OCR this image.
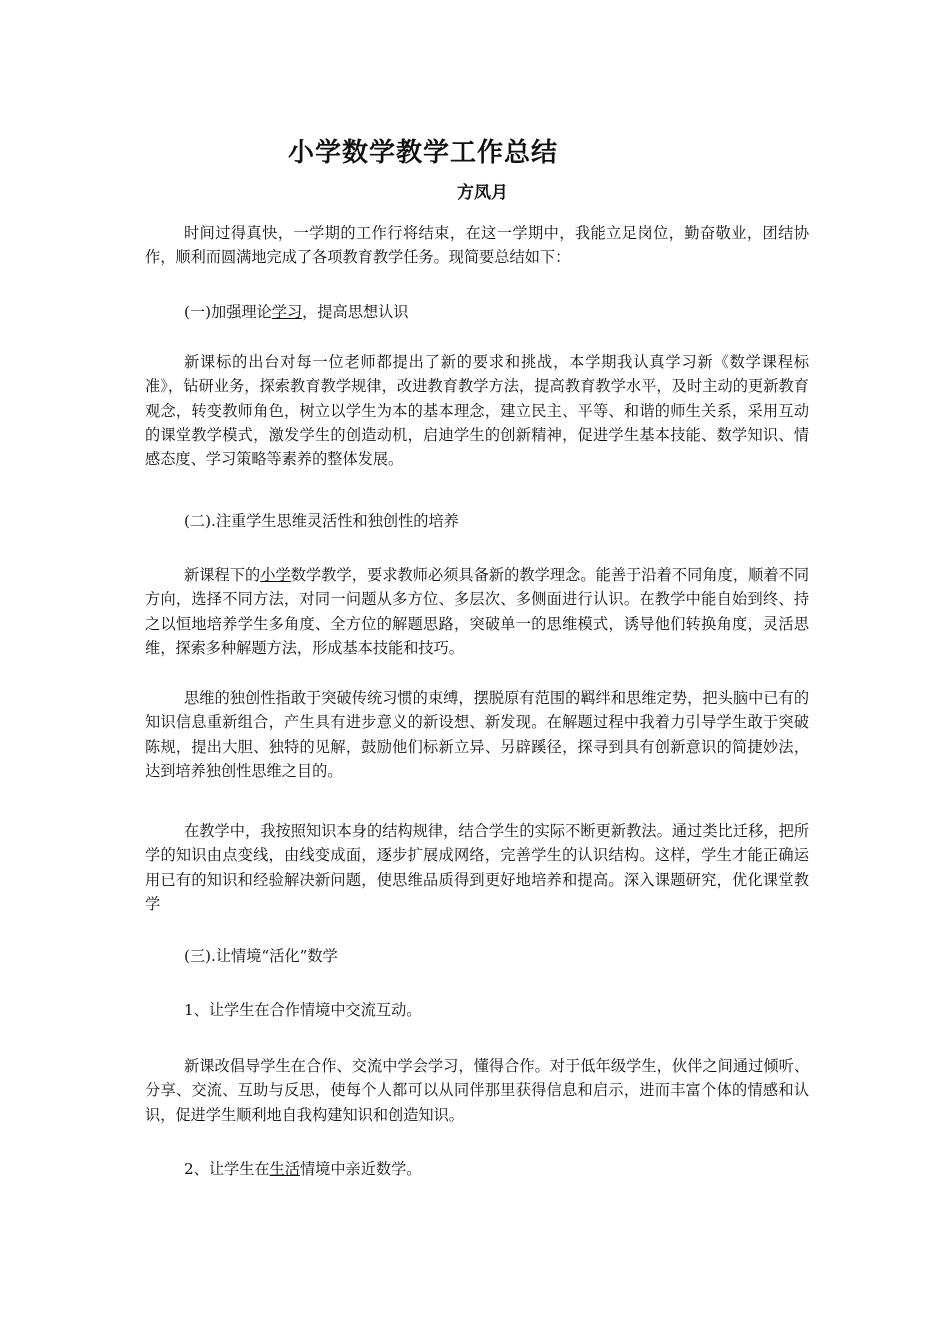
小学数学教学工作总结

方凤月

时间过得真快，一学期的工作行将结束，在这一学期中，我能立足岗位，勤奋敬业，团结协作，顺利而圆满地完成了各项教育教学任务。现简要总结如下：

(一)加强理论学习，提高思想认识

新课标的出台对每一位老师都提出了新的要求和挑战，本学期我认真学习新《数学课程标准》，钻研业务，探索教育教学规律，改进教育教学方法，提高教育教学水平，及时主动的更新教育观念，转变教师角色，树立以学生为本的基本理念，建立民主、平等、和谐的师生关系，采用互动的课堂教学模式，激发学生的创造动机，启迪学生的创新精神，促进学生基本技能、数学知识、情感态度、学习策略等素养的整体发展。

(二).注重学生思维灵活性和独创性的培养

新课程下的小学数学教学，要求教师必须具备新的教学理念。能善于沿着不同角度，顺着不同方向，选择不同方法，对同一问题从多方位、多层次、多侧面进行认识。在教学中能自始到终、持之以恒地培养学生多角度、全方位的解题思路，突破单一的思维模式，诱导他们转换角度，灵活思维，探索多种解题方法，形成基本技能和技巧。

思维的独创性指敢于突破传统习惯的束缚，摆脱原有范围的羁绊和思维定势，把头脑中已有的知识信息重新组合，产生具有进步意义的新设想、新发现。在解题过程中我着力引导学生敢于突破陈规，提出大胆、独特的见解，鼓励他们标新立异、另辟蹊径，探寻到具有创新意识的简捷妙法，达到培养独创性思维之目的。

在教学中，我按照知识本身的结构规律，结合学生的实际不断更新教法。通过类比迁移，把所学的知识由点变线，由线变成面，逐步扩展成网络，完善学生的认识结构。这样，学生才能正确运用已有的知识和经验解决新问题，使思维品质得到更好地培养和提高。深入课题研究，优化课堂教学

(三).让情境“活化”数学

1、让学生在合作情境中交流互动。

新课改倡导学生在合作、交流中学会学习，懂得合作。对于低年级学生，伙伴之间通过倾听、分享、交流、互助与反思，使每个人都可以从同伴那里获得信息和启示，进而丰富个体的情感和认识，促进学生顺利地自我构建知识和创造知识。

2、让学生在生活情境中亲近数学。
